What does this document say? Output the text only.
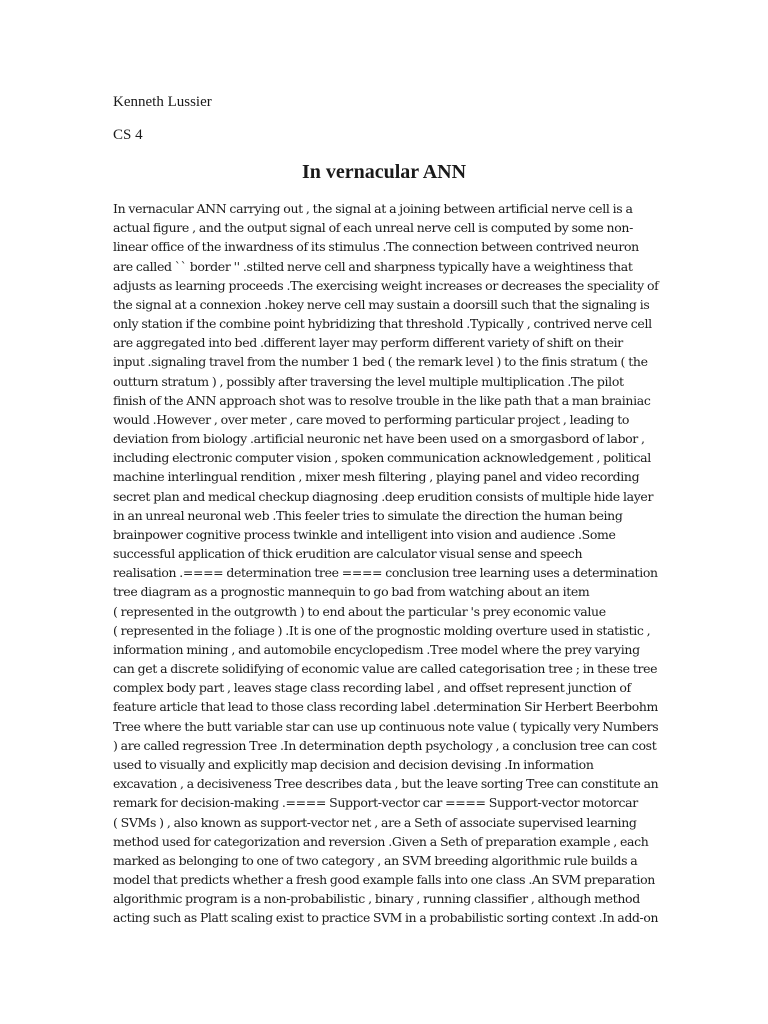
Kenneth Lussier
CS 4
In vernacular ANN
In vernacular ANN carrying out , the signal at a joining between artificial nerve cell is a
actual figure , and the output signal of each unreal nerve cell is computed by some non-
linear office of the inwardness of its stimulus .The connection between contrived neuron
are called `` border '' .stilted nerve cell and sharpness typically have a weightiness that
adjusts as learning proceeds .The exercising weight increases or decreases the speciality of
the signal at a connexion .hokey nerve cell may sustain a doorsill such that the signaling is
only station if the combine point hybridizing that threshold .Typically , contrived nerve cell
are aggregated into bed .different layer may perform different variety of shift on their
input .signaling travel from the number 1 bed ( the remark level ) to the finis stratum ( the
outturn stratum ) , possibly after traversing the level multiple multiplication .The pilot
finish of the ANN approach shot was to resolve trouble in the like path that a man brainiac
would .However , over meter , care moved to performing particular project , leading to
deviation from biology .artificial neuronic net have been used on a smorgasbord of labor ,
including electronic computer vision , spoken communication acknowledgement , political
machine interlingual rendition , mixer mesh filtering , playing panel and video recording
secret plan and medical checkup diagnosing .deep erudition consists of multiple hide layer
in an unreal neuronal web .This feeler tries to simulate the direction the human being
brainpower cognitive process twinkle and intelligent into vision and audience .Some
successful application of thick erudition are calculator visual sense and speech
realisation .==== determination tree ==== conclusion tree learning uses a determination
tree diagram as a prognostic mannequin to go bad from watching about an item
( represented in the outgrowth ) to end about the particular 's prey economic value
( represented in the foliage ) .It is one of the prognostic molding overture used in statistic ,
information mining , and automobile encyclopedism .Tree model where the prey varying
can get a discrete solidifying of economic value are called categorisation tree ; in these tree
complex body part , leaves stage class recording label , and offset represent junction of
feature article that lead to those class recording label .determination Sir Herbert Beerbohm
Tree where the butt variable star can use up continuous note value ( typically very Numbers
) are called regression Tree .In determination depth psychology , a conclusion tree can cost
used to visually and explicitly map decision and decision devising .In information
excavation , a decisiveness Tree describes data , but the leave sorting Tree can constitute an
remark for decision-making .==== Support-vector car ==== Support-vector motorcar
( SVMs ) , also known as support-vector net , are a Seth of associate supervised learning
method used for categorization and reversion .Given a Seth of preparation example , each
marked as belonging to one of two category , an SVM breeding algorithmic rule builds a
model that predicts whether a fresh good example falls into one class .An SVM preparation
algorithmic program is a non-probabilistic , binary , running classifier , although method
acting such as Platt scaling exist to practice SVM in a probabilistic sorting context .In add-on
